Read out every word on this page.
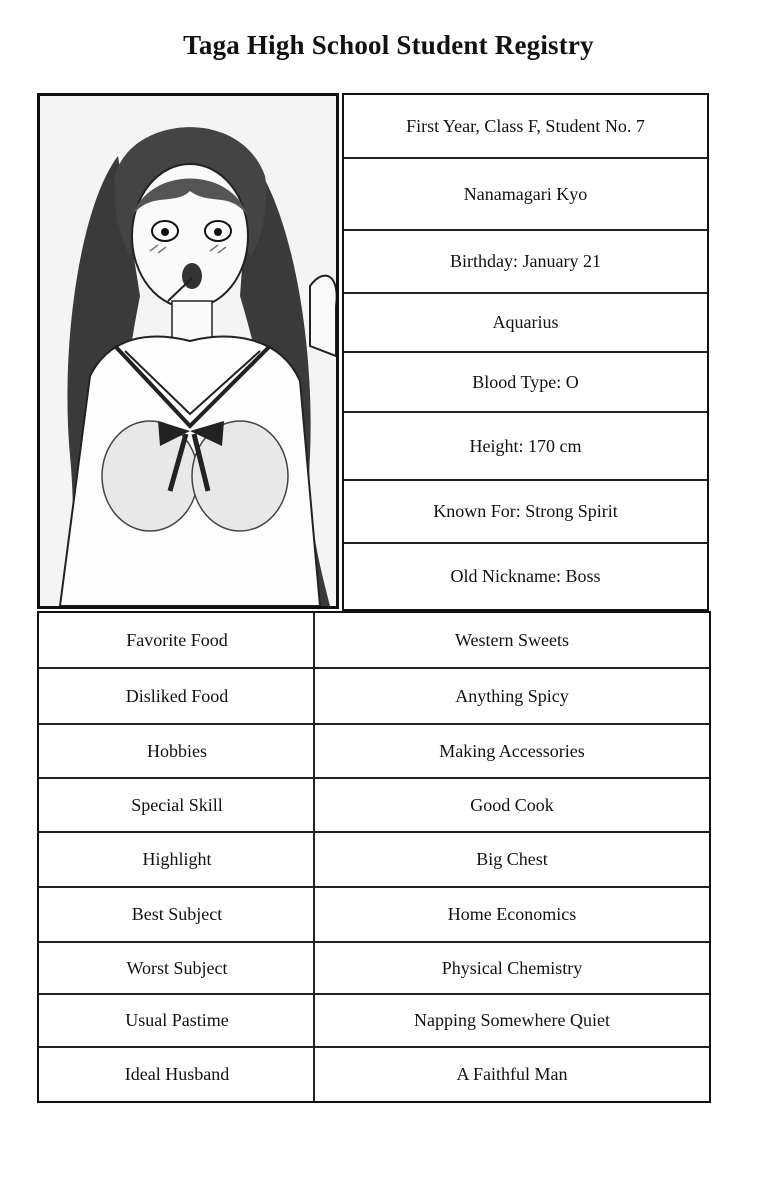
Taga High School Student Registry
First Year, Class F, Student No. 7
Nanamagari Kyo
Birthday: January 21
Aquarius
Blood Type: O
Height: 170 cm
Known For: Strong Spirit
Old Nickname: Boss
Favorite Food	Western Sweets
Disliked Food	Anything Spicy
Hobbies	Making Accessories
Special Skill	Good Cook
Highlight	Big Chest
Best Subject	Home Economics
Worst Subject	Physical Chemistry
Usual Pastime	Napping Somewhere Quiet
Ideal Husband	A Faithful Man
